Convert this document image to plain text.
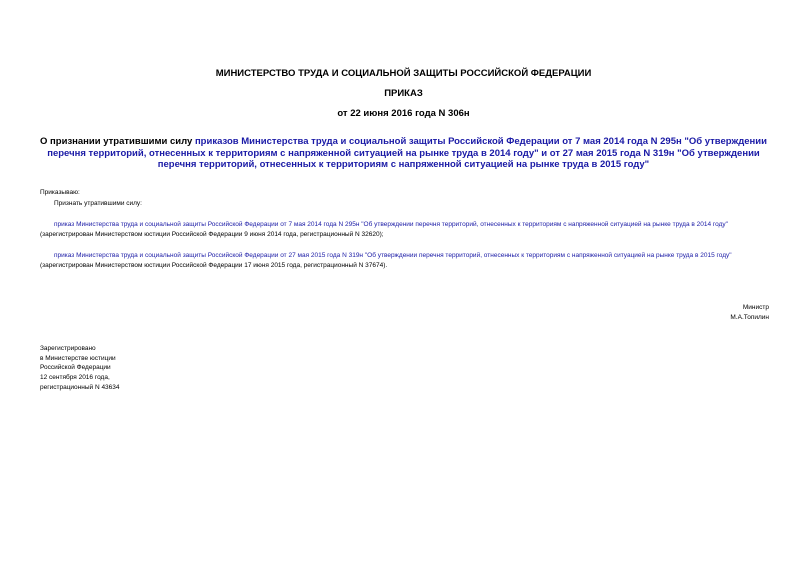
МИНИСТЕРСТВО ТРУДА И СОЦИАЛЬНОЙ ЗАЩИТЫ РОССИЙСКОЙ ФЕДЕРАЦИИ
ПРИКАЗ
от 22 июня 2016 года N 306н
О признании утратившими силу приказов Министерства труда и социальной защиты Российской Федерации от 7 мая 2014 года N 295н "Об утверждении перечня территорий, отнесенных к территориям с напряженной ситуацией на рынке труда в 2014 году" и от 27 мая 2015 года N 319н "Об утверждении перечня территорий, отнесенных к территориям с напряженной ситуацией на рынке труда в 2015 году"
Приказываю:
Признать утратившими силу:
приказ Министерства труда и социальной защиты Российской Федерации от 7 мая 2014 года N 295н "Об утверждении перечня территорий, отнесенных к территориям с напряженной ситуацией на рынке труда в 2014 году" (зарегистрирован Министерством юстиции Российской Федерации 9 июня 2014 года, регистрационный N 32620);
приказ Министерства труда и социальной защиты Российской Федерации от 27 мая 2015 года N 319н "Об утверждении перечня территорий, отнесенных к территориям с напряженной ситуацией на рынке труда в 2015 году" (зарегистрирован Министерством юстиции Российской Федерации 17 июня 2015 года, регистрационный N 37674).
Министр
М.А.Топилин
Зарегистрировано
в Министерстве юстиции
Российской Федерации
12 сентября 2016 года,
регистрационный N 43634
